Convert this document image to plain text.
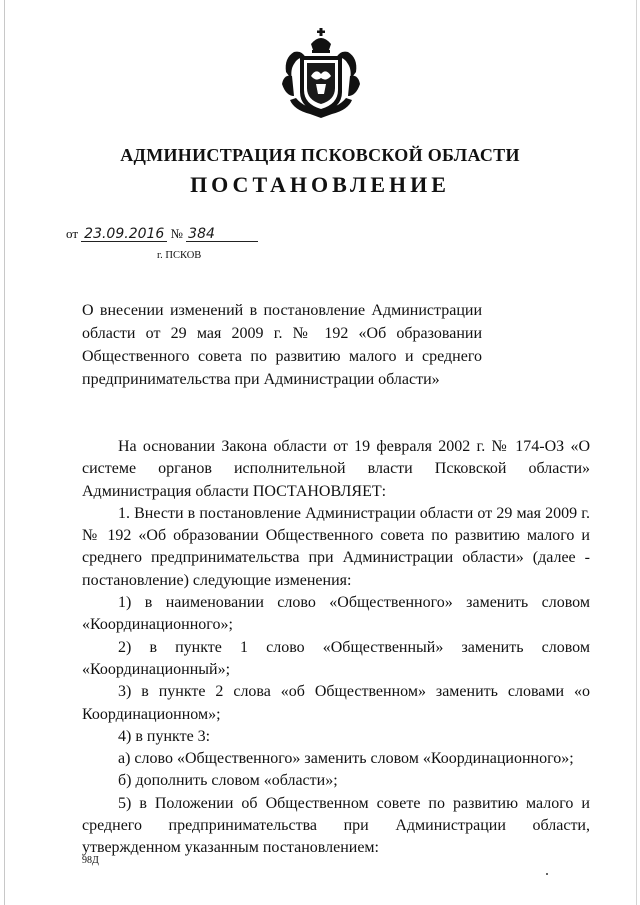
АДМИНИСТРАЦИЯ ПСКОВСКОЙ ОБЛАСТИ
ПОСТАНОВЛЕНИЕ
от 23.09.2016 № 384
г. ПСКОВ

О внесении изменений в постановление Администрации области от 29 мая 2009 г. № 192 «Об образовании Общественного совета по развитию малого и среднего предпринимательства при Администрации области»

На основании Закона области от 19 февраля 2002 г. № 174-ОЗ «О системе органов исполнительной власти Псковской области» Администрация области ПОСТАНОВЛЯЕТ:

1. Внести в постановление Администрации области от 29 мая 2009 г. № 192 «Об образовании Общественного совета по развитию малого и среднего предпринимательства при Администрации области» (далее - постановление) следующие изменения:

1) в наименовании слово «Общественного» заменить словом «Координационного»;

2) в пункте 1 слово «Общественный» заменить словом «Координационный»;

3) в пункте 2 слова «об Общественном» заменить словами «о Координационном»;

4) в пункте 3:

а) слово «Общественного» заменить словом «Координационного»;

б) дополнить словом «области»;

5) в Положении об Общественном совете по развитию малого и среднего предпринимательства при Администрации области, утвержденном указанным постановлением:

98Д
